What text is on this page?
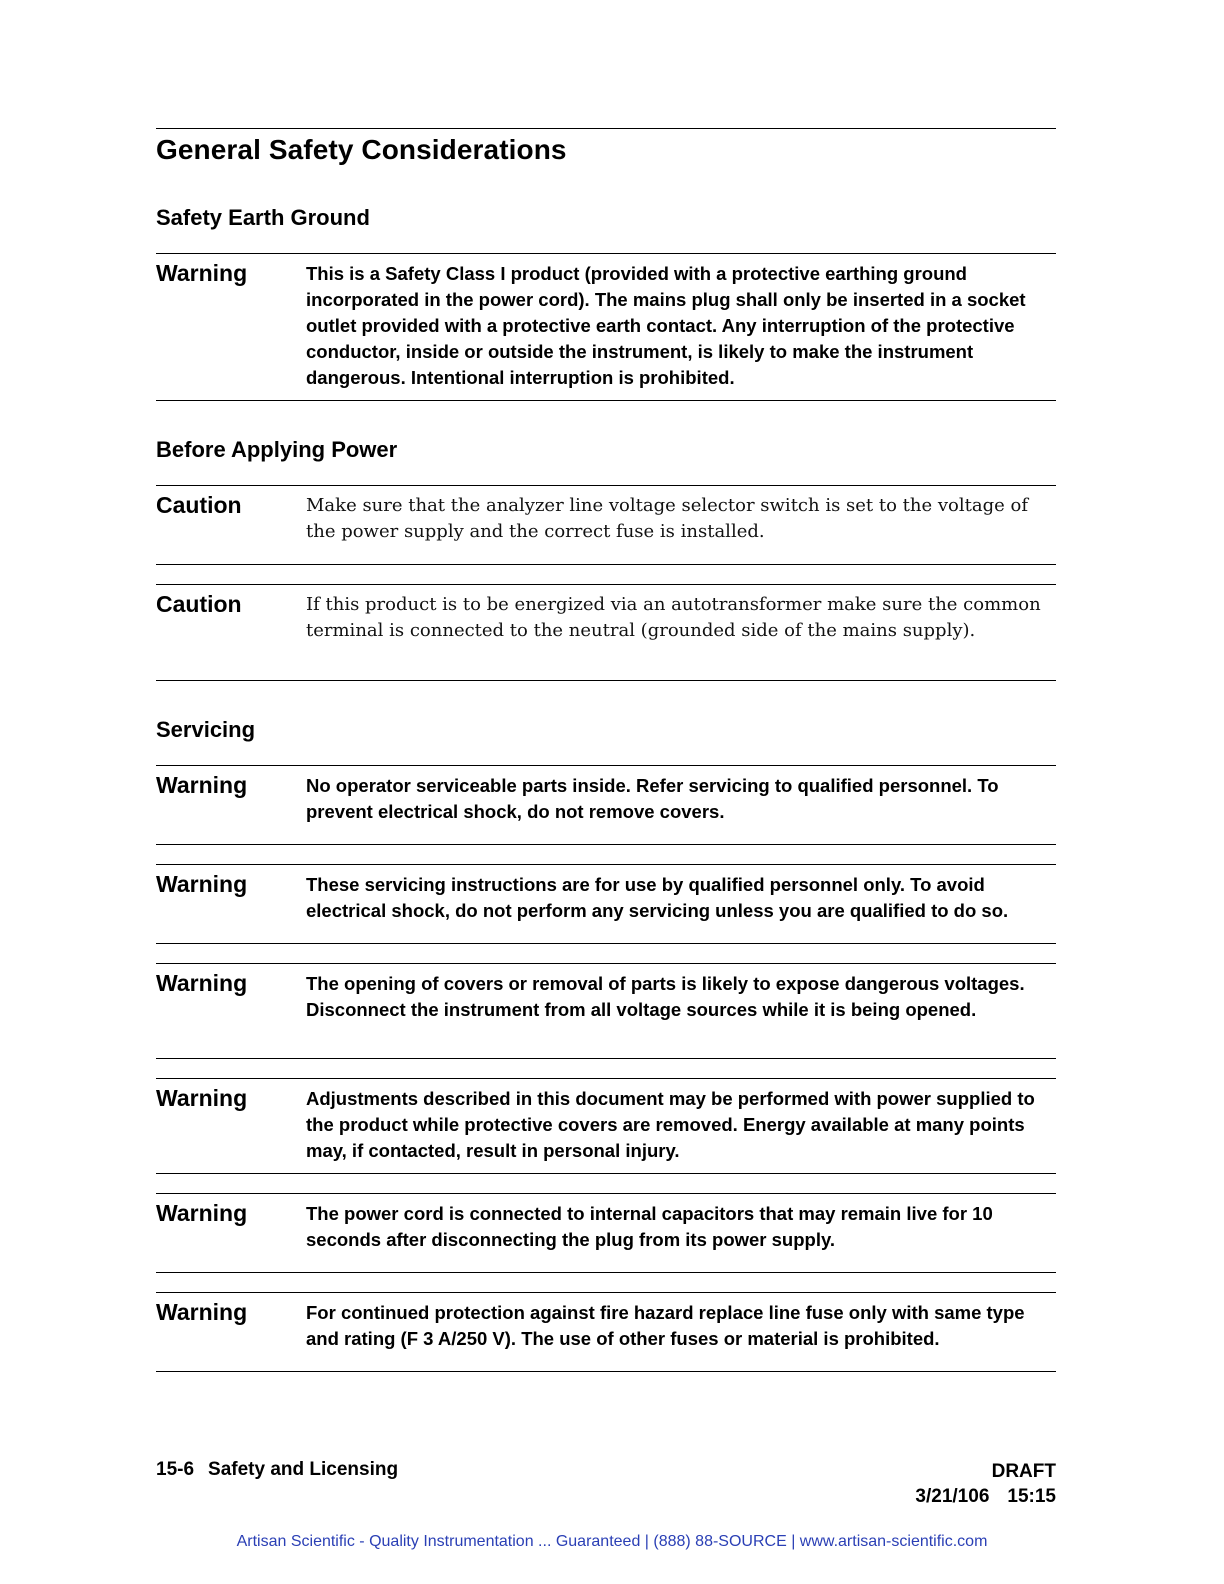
General Safety Considerations
Safety Earth Ground
Warning	This is a Safety Class I product (provided with a protective earthing ground incorporated in the power cord). The mains plug shall only be inserted in a socket outlet provided with a protective earth contact. Any interruption of the protective conductor, inside or outside the instrument, is likely to make the instrument dangerous. Intentional interruption is prohibited.
Before Applying Power
Caution	Make sure that the analyzer line voltage selector switch is set to the voltage of the power supply and the correct fuse is installed.
Caution	If this product is to be energized via an autotransformer make sure the common terminal is connected to the neutral (grounded side of the mains supply).
Servicing
Warning	No operator serviceable parts inside. Refer servicing to qualified personnel. To prevent electrical shock, do not remove covers.
Warning	These servicing instructions are for use by qualified personnel only. To avoid electrical shock, do not perform any servicing unless you are qualified to do so.
Warning	The opening of covers or removal of parts is likely to expose dangerous voltages. Disconnect the instrument from all voltage sources while it is being opened.
Warning	Adjustments described in this document may be performed with power supplied to the product while protective covers are removed. Energy available at many points may, if contacted, result in personal injury.
Warning	The power cord is connected to internal capacitors that may remain live for 10 seconds after disconnecting the plug from its power supply.
Warning	For continued protection against fire hazard replace line fuse only with same type and rating (F 3 A/250 V). The use of other fuses or material is prohibited.
15-6 Safety and Licensing	DRAFT
3/21/106 15:15
Artisan Scientific - Quality Instrumentation ... Guaranteed | (888) 88-SOURCE | www.artisan-scientific.com
